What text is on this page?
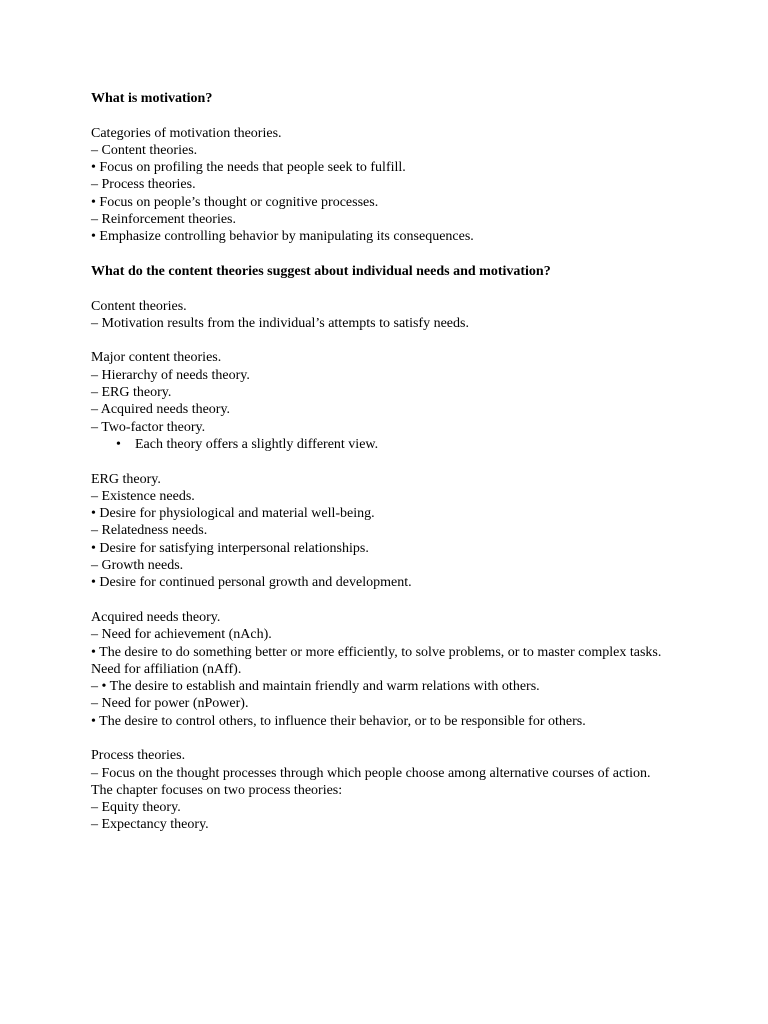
What is motivation?
Categories of motivation theories.
– Content theories.
• Focus on profiling the needs that people seek to fulfill.
– Process theories.
• Focus on people’s thought or cognitive processes.
– Reinforcement theories.
• Emphasize controlling behavior by manipulating its consequences.
What do the content theories suggest about individual needs and motivation?
Content theories.
– Motivation results from the individual’s attempts to satisfy needs.
Major content theories.
– Hierarchy of needs theory.
– ERG theory.
– Acquired needs theory.
– Two-factor theory.
• Each theory offers a slightly different view.
ERG theory.
– Existence needs.
• Desire for physiological and material well-being.
– Relatedness needs.
• Desire for satisfying interpersonal relationships.
– Growth needs.
• Desire for continued personal growth and development.
Acquired needs theory.
– Need for achievement (nAch).
• The desire to do something better or more efficiently, to solve problems, or to master complex tasks.
Need for affiliation (nAff).
– • The desire to establish and maintain friendly and warm relations with others.
– Need for power (nPower).
• The desire to control others, to influence their behavior, or to be responsible for others.
Process theories.
– Focus on the thought processes through which people choose among alternative courses of action.
The chapter focuses on two process theories:
– Equity theory.
– Expectancy theory.
